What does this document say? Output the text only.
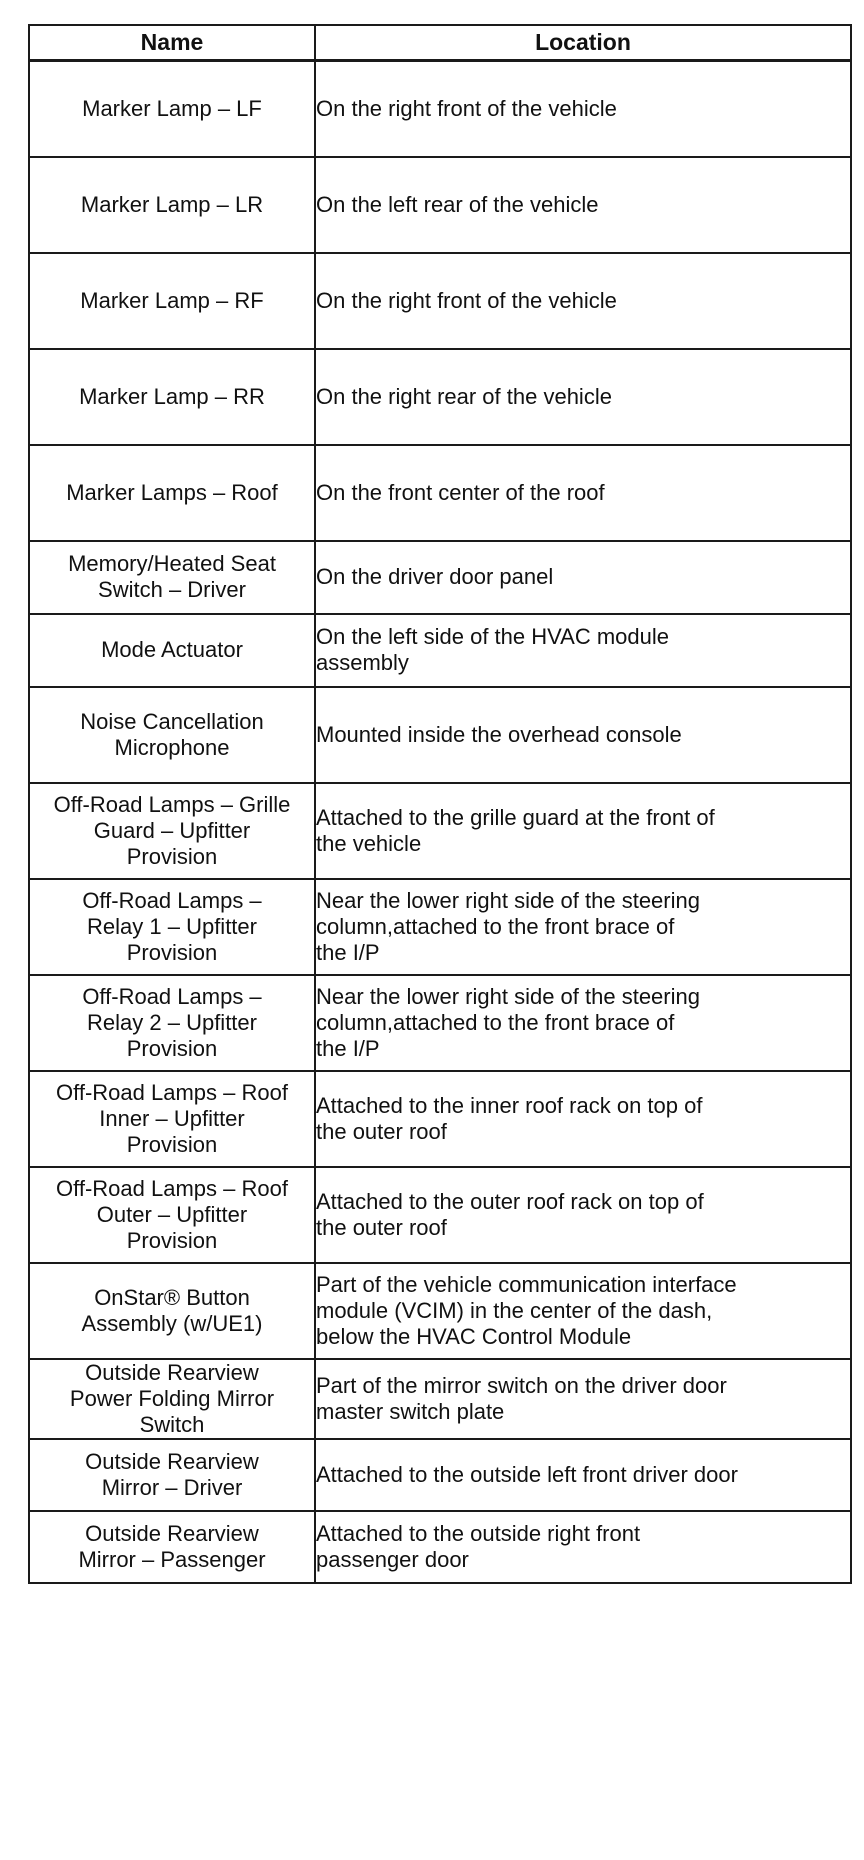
Name	Location

Marker Lamp – LF	On the right front of the vehicle

Marker Lamp – LR	On the left rear of the vehicle

Marker Lamp – RF	On the right front of the vehicle

Marker Lamp – RR	On the right rear of the vehicle

Marker Lamps – Roof	On the front center of the roof

Memory/Heated Seat
Switch – Driver	On the driver door panel

Mode Actuator	On the left side of the HVAC module
assembly

Noise Cancellation
Microphone	Mounted inside the overhead console

Off-Road Lamps – Grille
Guard – Upfitter
Provision	Attached to the grille guard at the front of
the vehicle

Off-Road Lamps –
Relay 1 – Upfitter
Provision	Near the lower right side of the steering
column,attached to the front brace of
the I/P

Off-Road Lamps –
Relay 2 – Upfitter
Provision	Near the lower right side of the steering
column,attached to the front brace of
the I/P

Off-Road Lamps – Roof
Inner – Upfitter
Provision	Attached to the inner roof rack on top of
the outer roof

Off-Road Lamps – Roof
Outer – Upfitter
Provision	Attached to the outer roof rack on top of
the outer roof

OnStar® Button
Assembly (w/UE1)	Part of the vehicle communication interface
module (VCIM) in the center of the dash,
below the HVAC Control Module

Outside Rearview
Power Folding Mirror
Switch	Part of the mirror switch on the driver door
master switch plate

Outside Rearview
Mirror – Driver	Attached to the outside left front driver door

Outside Rearview
Mirror – Passenger	Attached to the outside right front
passenger door
